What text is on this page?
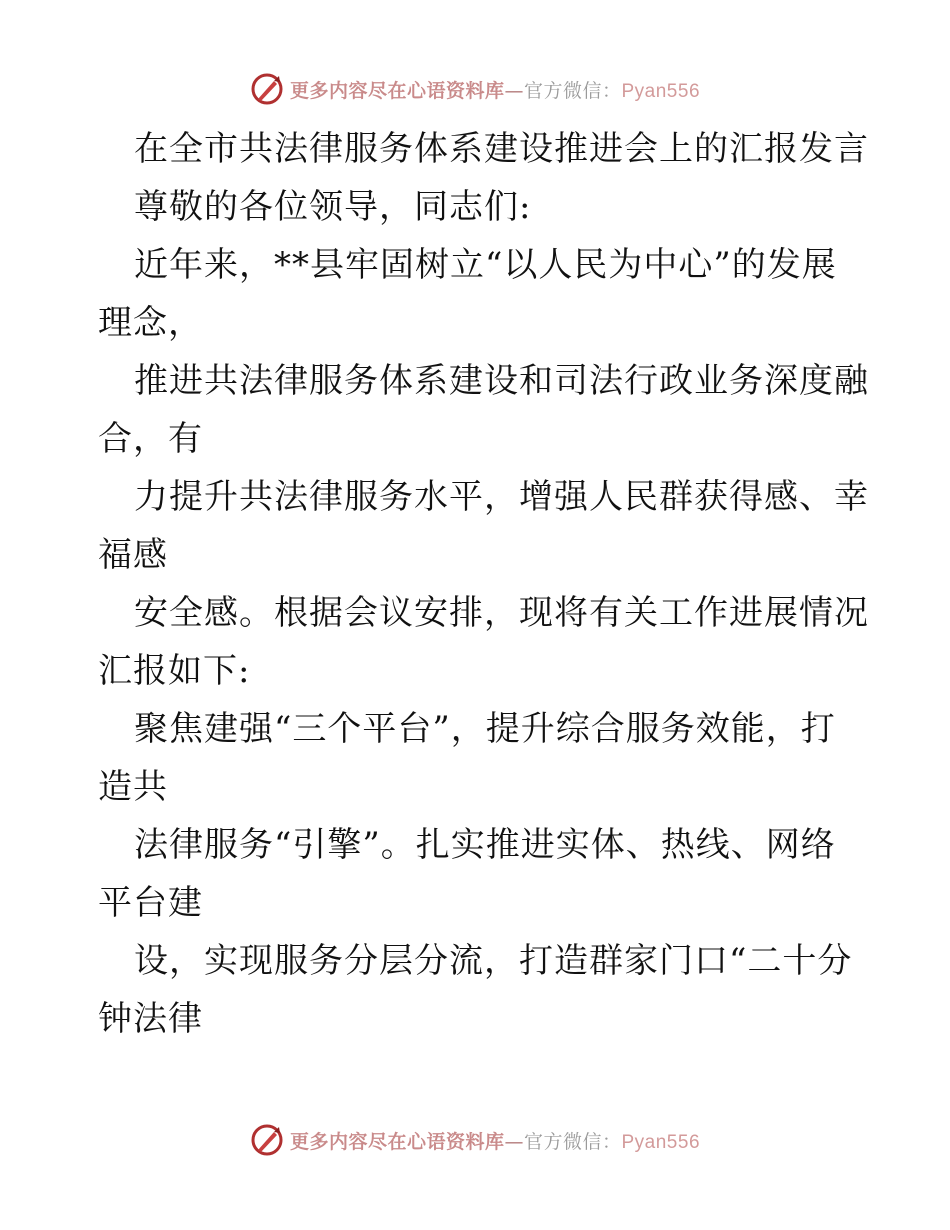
更多内容尽在心语资料库—官方微信：Pyan556
在全市共法律服务体系建设推进会上的汇报发言
尊敬的各位领导，同志们:
近年来，**县牢固树立“以人民为中心”的发展
理念，
推进共法律服务体系建设和司法行政业务深度融
合，有
力提升共法律服务水平，增强人民群获得感、幸
福感
安全感。根据会议安排，现将有关工作进展情况
汇报如下:
聚焦建强“三个平台”，提升综合服务效能，打
造共
法律服务“引擎”。扎实推进实体、热线、网络
平台建
设，实现服务分层分流，打造群家门口“二十分
钟法律
更多内容尽在心语资料库—官方微信：Pyan556
